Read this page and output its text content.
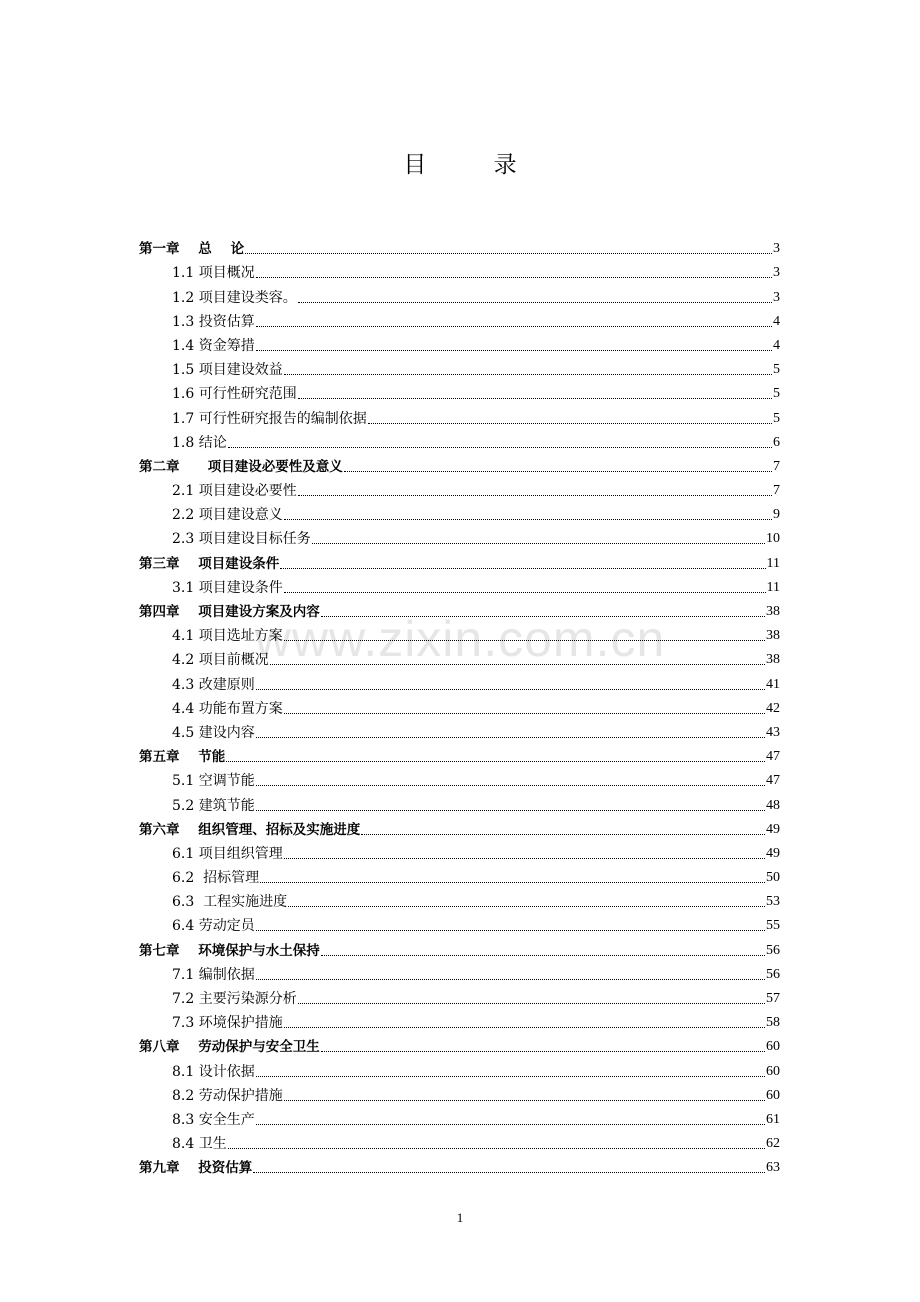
目 录
www.zixin.com.cn
第一章    总    论	3
1.1 项目概况	3
1.2 项目建设类容。	3
1.3 投资估算	4
1.4 资金筹措	4
1.5 项目建设效益	5
1.6 可行性研究范围	5
1.7 可行性研究报告的编制依据	5
1.8 结论	6
第二章      项目建设必要性及意义	7
2.1 项目建设必要性	7
2.2 项目建设意义	9
2.3 项目建设目标任务	10
第三章    项目建设条件	11
3.1 项目建设条件	11
第四章    项目建设方案及内容	38
4.1 项目选址方案	38
4.2 项目前概况	38
4.3 改建原则	41
4.4 功能布置方案	42
4.5 建设内容	43
第五章    节能	47
5.1 空调节能	47
5.2 建筑节能	48
第六章    组织管理、招标及实施进度	49
6.1 项目组织管理	49
6.2  招标管理	50
6.3  工程实施进度	53
6.4 劳动定员	55
第七章    环境保护与水土保持	56
7.1 编制依据	56
7.2 主要污染源分析	57
7.3 环境保护措施	58
第八章    劳动保护与安全卫生	60
8.1 设计依据	60
8.2 劳动保护措施	60
8.3 安全生产	61
8.4 卫生	62
第九章    投资估算	63
1
